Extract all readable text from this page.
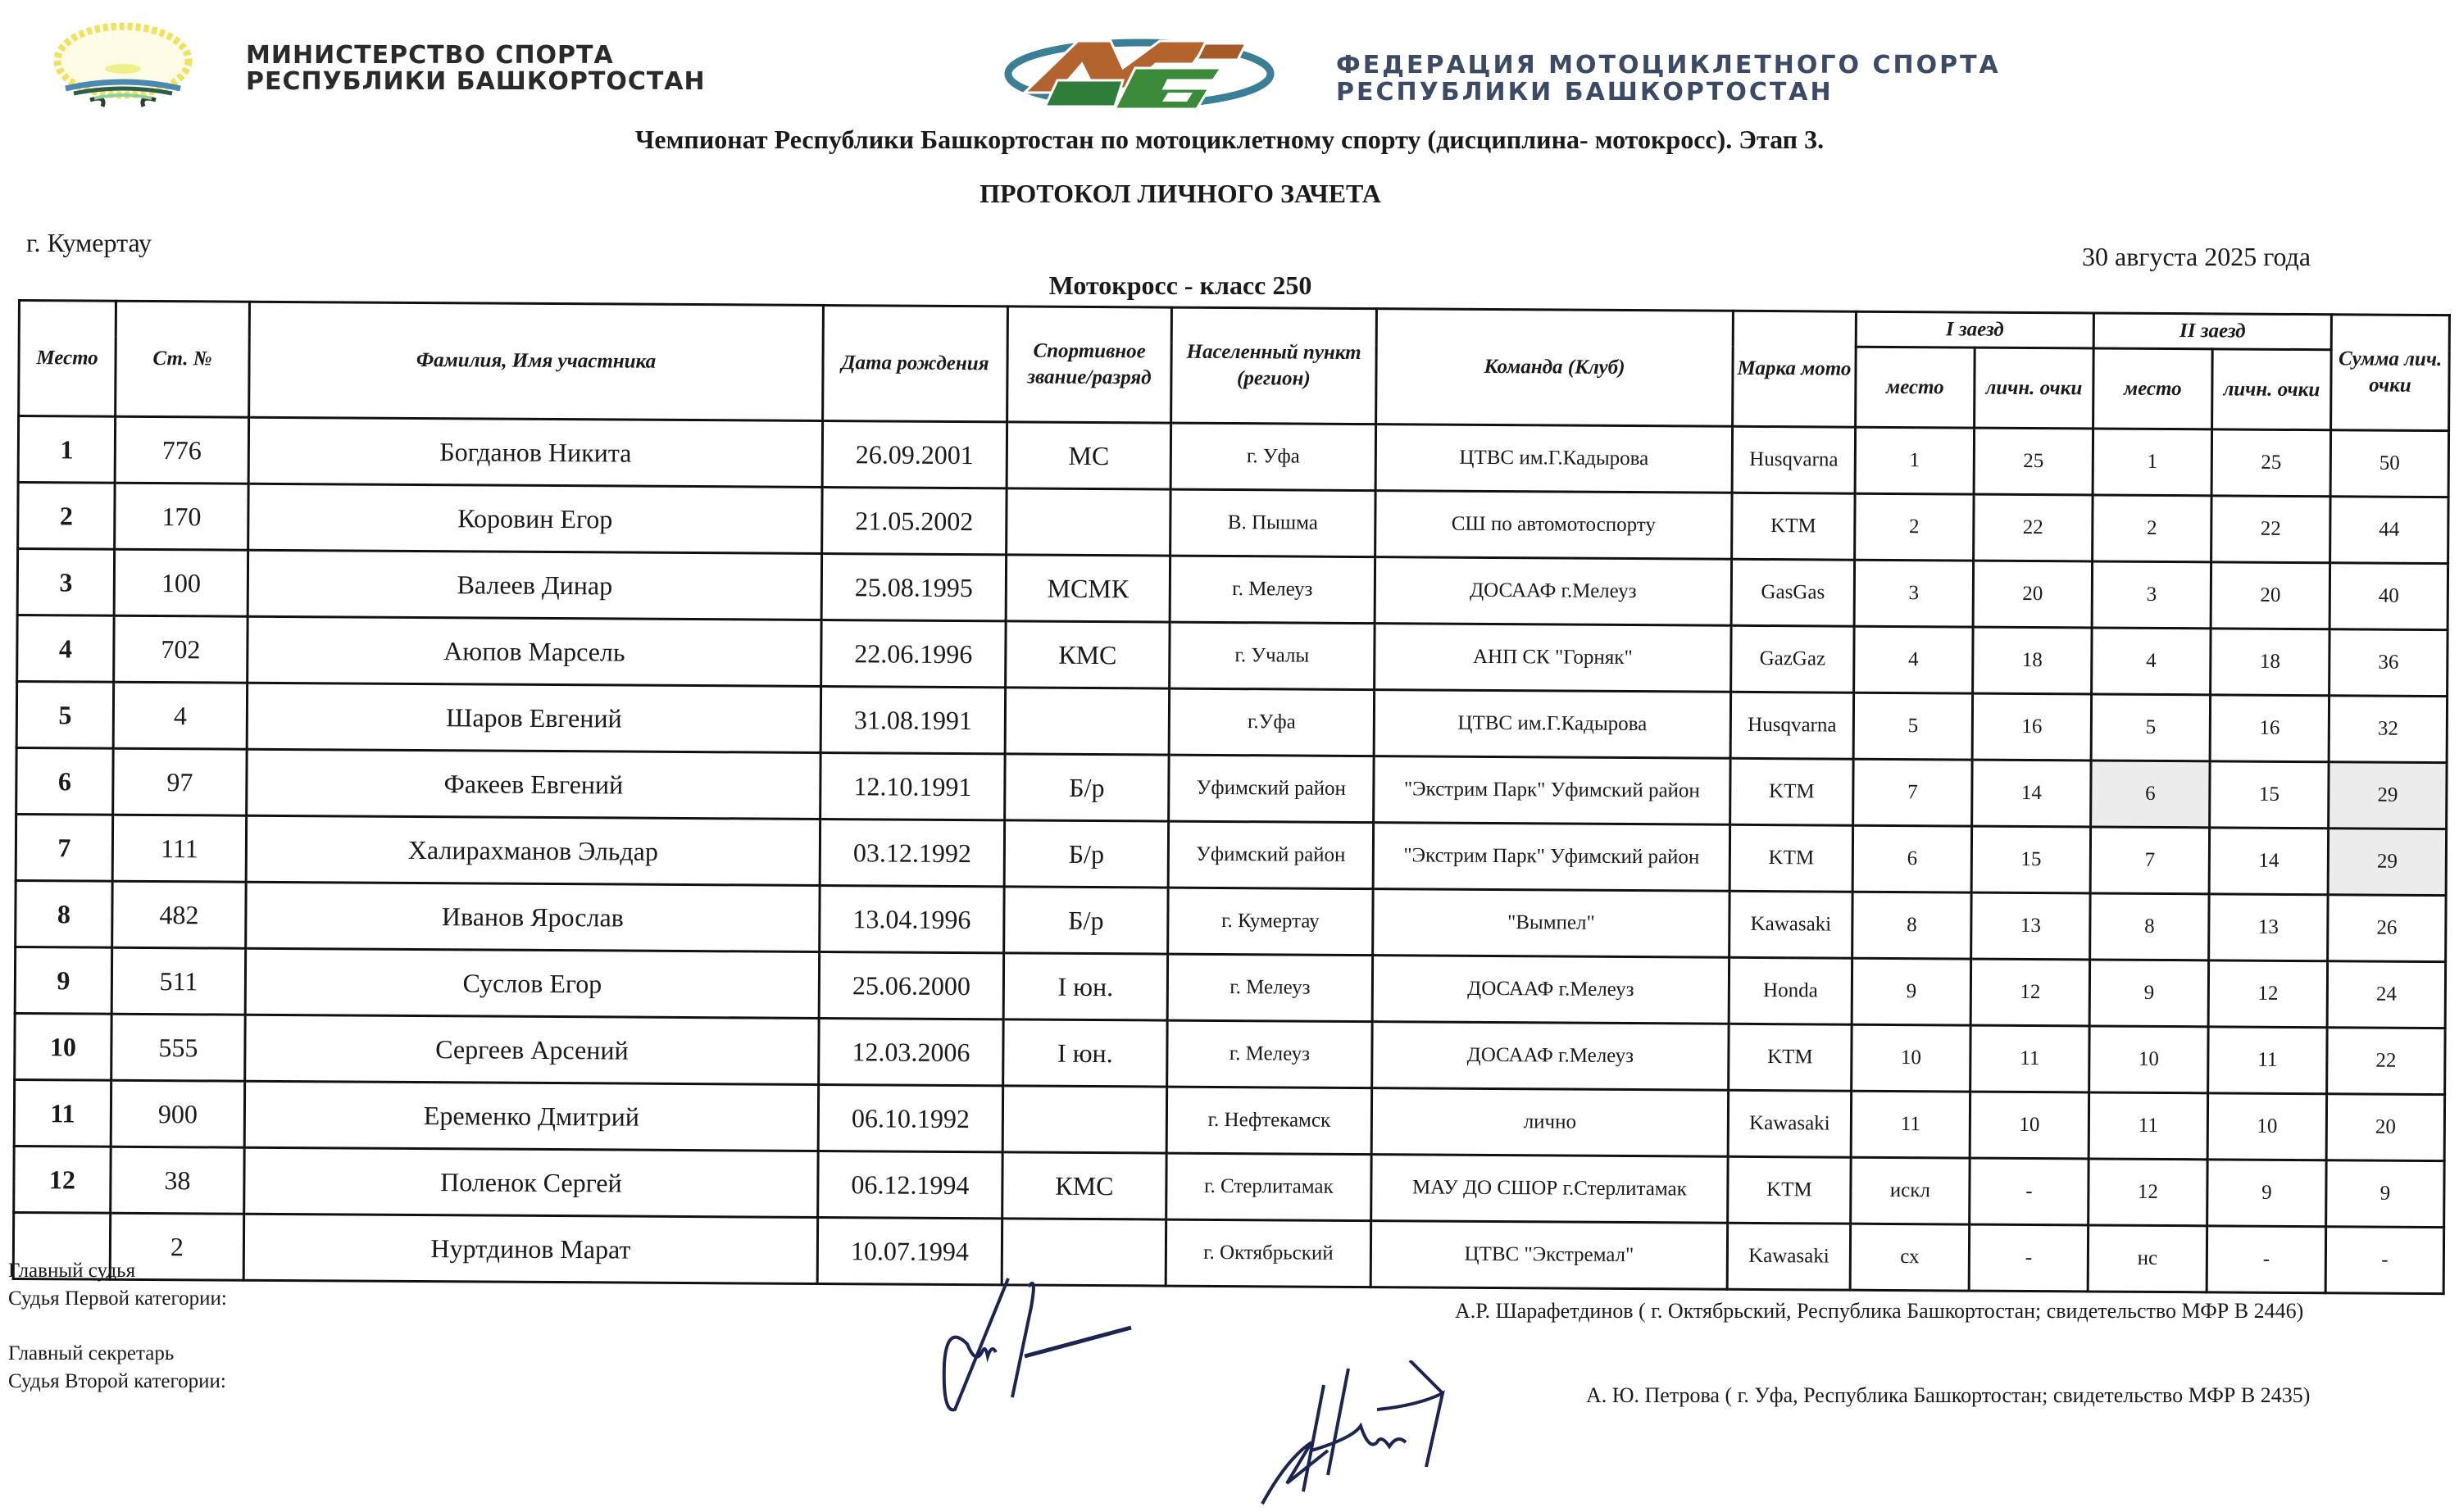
МИНИСТЕРСТВО СПОРТА
РЕСПУБЛИКИ БАШКОРТОСТАН
ФЕДЕРАЦИЯ МОТОЦИКЛЕТНОГО СПОРТА
РЕСПУБЛИКИ БАШКОРТОСТАН
Чемпионат Республики Башкортостан по мотоциклетному спорту (дисциплина- мотокросс). Этап 3.
ПРОТОКОЛ ЛИЧНОГО ЗАЧЕТА
г. Кумертау	30 августа 2025 года
Мотокросс - класс 250
Место	Ст. №	Фамилия, Имя участника	Дата рождения	Спортивное звание/разряд	Населенный пункт (регион)	Команда (Клуб)	Марка мото	I заезд		II заезд		Сумма лич. очки
								место	личн. очки	место	личн. очки	
1	776	Богданов Никита	26.09.2001	МС	г. Уфа	ЦТВС им.Г.Кадырова	Husqvarna	1	25	1	25	50
2	170	Коровин Егор	21.05.2002		В. Пышма	СШ по автомотоспорту	KTM	2	22	2	22	44
3	100	Валеев Динар	25.08.1995	МСМК	г. Мелеуз	ДОСААФ г.Мелеуз	GasGas	3	20	3	20	40
4	702	Аюпов Марсель	22.06.1996	КМС	г. Учалы	АНП СК "Горняк"	GazGaz	4	18	4	18	36
5	4	Шаров Евгений	31.08.1991		г.Уфа	ЦТВС им.Г.Кадырова	Husqvarna	5	16	5	16	32
6	97	Факеев Евгений	12.10.1991	Б/р	Уфимский район	"Экстрим Парк" Уфимский район	KTM	7	14	6	15	29
7	111	Халирахманов Эльдар	03.12.1992	Б/р	Уфимский район	"Экстрим Парк" Уфимский район	KTM	6	15	7	14	29
8	482	Иванов Ярослав	13.04.1996	Б/р	г. Кумертау	"Вымпел"	Kawasaki	8	13	8	13	26
9	511	Суслов Егор	25.06.2000	I юн.	г. Мелеуз	ДОСААФ г.Мелеуз	Honda	9	12	9	12	24
10	555	Сергеев Арсений	12.03.2006	I юн.	г. Мелеуз	ДОСААФ г.Мелеуз	KTM	10	11	10	11	22
11	900	Еременко Дмитрий	06.10.1992		г. Нефтекамск	лично	Kawasaki	11	10	11	10	20
12	38	Поленок Сергей	06.12.1994	КМС	г. Стерлитамак	МАУ ДО СШОР г.Стерлитамак	KTM	искл	-	12	9	9
	2	Нуртдинов Марат	10.07.1994		г. Октябрьский	ЦТВС "Экстремал"	Kawasaki	сх	-	нс	-	-
Главный судья
Судья Первой категории:
Главный секретарь
Судья Второй категории:
А.Р. Шарафетдинов ( г. Октябрьский, Республика Башкортостан; свидетельство МФР В 2446)
А. Ю. Петрова ( г. Уфа, Республика Башкортостан; свидетельство МФР В 2435)
